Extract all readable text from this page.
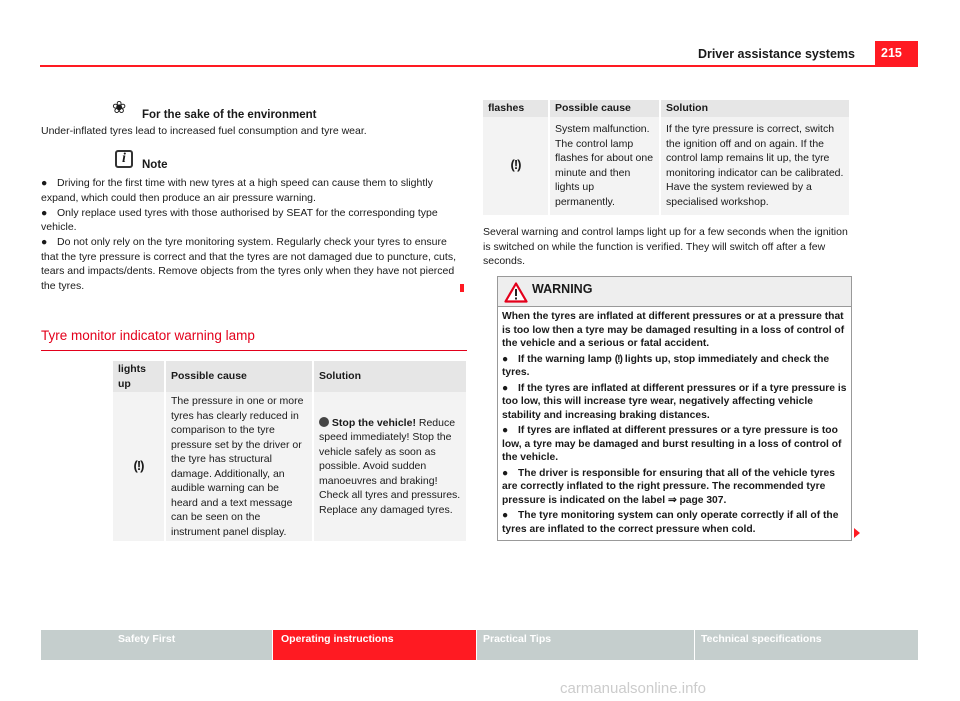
Driver assistance systems	215
❀ For the sake of the environment
Under-inflated tyres lead to increased fuel consumption and tyre wear.
i	Note

● Driving for the first time with new tyres at a high speed can cause them to slightly expand, which could then produce an air pressure warning.

● Only replace used tyres with those authorised by SEAT for the corresponding type vehicle.

● Do not only rely on the tyre monitoring system. Regularly check your tyres to ensure that the tyre pressure is correct and that the tyres are not damaged due to puncture, cuts, tears and impacts/dents. Remove objects from the tyres only when they have not pierced the tyres.

Tyre monitor indicator warning lamp
lights up	Possible cause	Solution
(!)	The pressure in one or more tyres has clearly reduced in comparison to the tyre pressure set by the driver or the tyre has structural damage. Additionally, an audible warning can be heard and a text message can be seen on the instrument panel display.	Stop the vehicle! Reduce speed immediately! Stop the vehicle safely as soon as possible. Avoid sudden manoeuvres and braking! Check all tyres and pressures. Replace any damaged tyres.
flashes	Possible cause	Solution
(!)	System malfunction. The control lamp flashes for about one minute and then lights up permanently.	If the tyre pressure is correct, switch the ignition off and on again. If the control lamp remains lit up, the tyre monitoring indicator can be calibrated. Have the system reviewed by a specialised workshop.
Several warning and control lamps light up for a few seconds when the ignition is switched on while the function is verified. They will switch off after a few seconds.
WARNING

When the tyres are inflated at different pressures or at a pressure that is too low then a tyre may be damaged resulting in a loss of control of the vehicle and a serious or fatal accident.

● If the warning lamp (!) lights up, stop immediately and check the tyres.

● If the tyres are inflated at different pressures or if a tyre pressure is too low, this will increase tyre wear, negatively affecting vehicle stability and increasing braking distances.

● If tyres are inflated at different pressures or a tyre pressure is too low, a tyre may be damaged and burst resulting in a loss of control of the vehicle.

● The driver is responsible for ensuring that all of the vehicle tyres are correctly inflated to the right pressure. The recommended tyre pressure is indicated on the label ⇒ page 307.

● The tyre monitoring system can only operate correctly if all of the tyres are inflated to the correct pressure when cold.

Safety First	Operating instructions	Practical Tips	Technical specifications
carmanualsonline.info
